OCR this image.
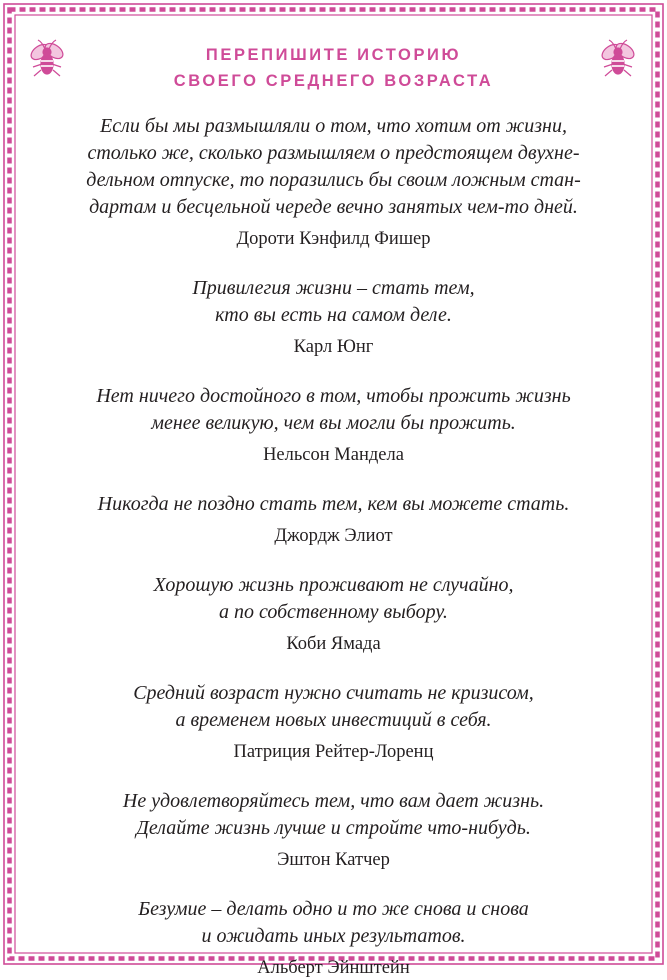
ПЕРЕПИШИТЕ ИСТОРИЮ
СВОЕГО СРЕДНЕГО ВОЗРАСТА
Если бы мы размышляли о том, что хотим от жизни,
столько же, сколько размышляем о предстоящем двухне-
дельном отпуске, то поразились бы своим ложным стан-
дартам и бесцельной череде вечно занятых чем-то дней.
Дороти Кэнфилд Фишер
Привилегия жизни – стать тем,
кто вы есть на самом деле.
Карл Юнг
Нет ничего достойного в том, чтобы прожить жизнь
менее великую, чем вы могли бы прожить.
Нельсон Мандела
Никогда не поздно стать тем, кем вы можете стать.
Джордж Элиот
Хорошую жизнь проживают не случайно,
а по собственному выбору.
Коби Ямада
Средний возраст нужно считать не кризисом,
а временем новых инвестиций в себя.
Патриция Рейтер-Лоренц
Не удовлетворяйтесь тем, что вам дает жизнь.
Делайте жизнь лучше и стройте что-нибудь.
Эштон Катчер
Безумие – делать одно и то же снова и снова
и ожидать иных результатов.
Альберт Эйнштейн
